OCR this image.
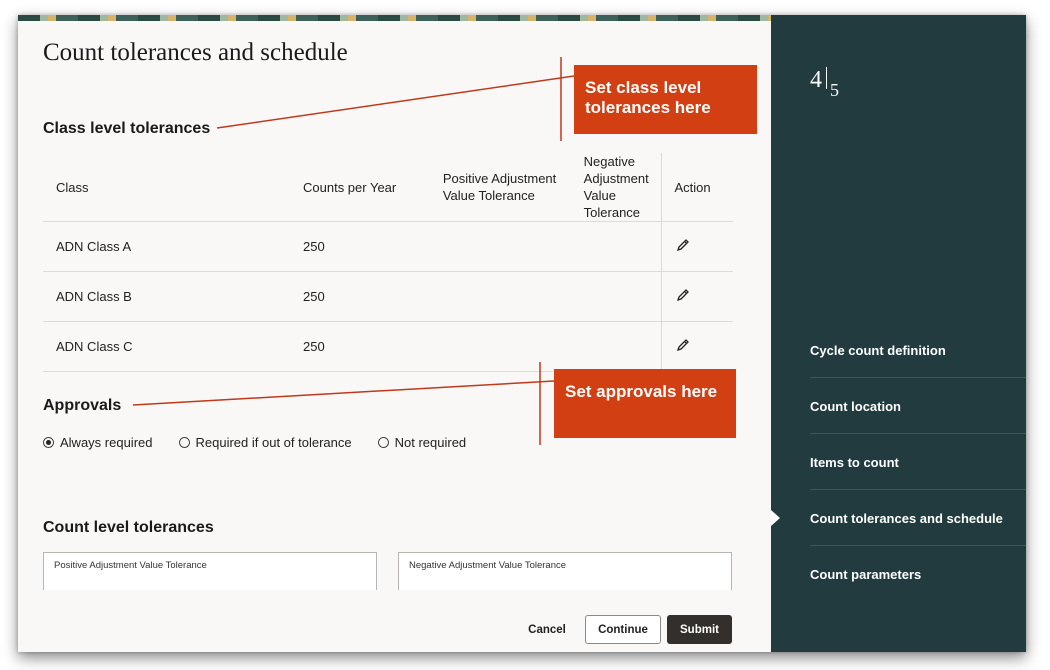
Count tolerances and schedule
Class level tolerances
Class	Counts per Year	Positive Adjustment Value Tolerance	Negative Adjustment Value Tolerance	Action
ADN Class A	250			
ADN Class B	250			
ADN Class C	250			
Approvals
Always required	Required if out of tolerance	Not required
Count level tolerances
Positive Adjustment Value Tolerance	Negative Adjustment Value Tolerance
Cancel	Continue	Submit
4 5
Cycle count definition
Count location
Items to count
Count tolerances and schedule
Count parameters
Set class level tolerances here
Set approvals here
